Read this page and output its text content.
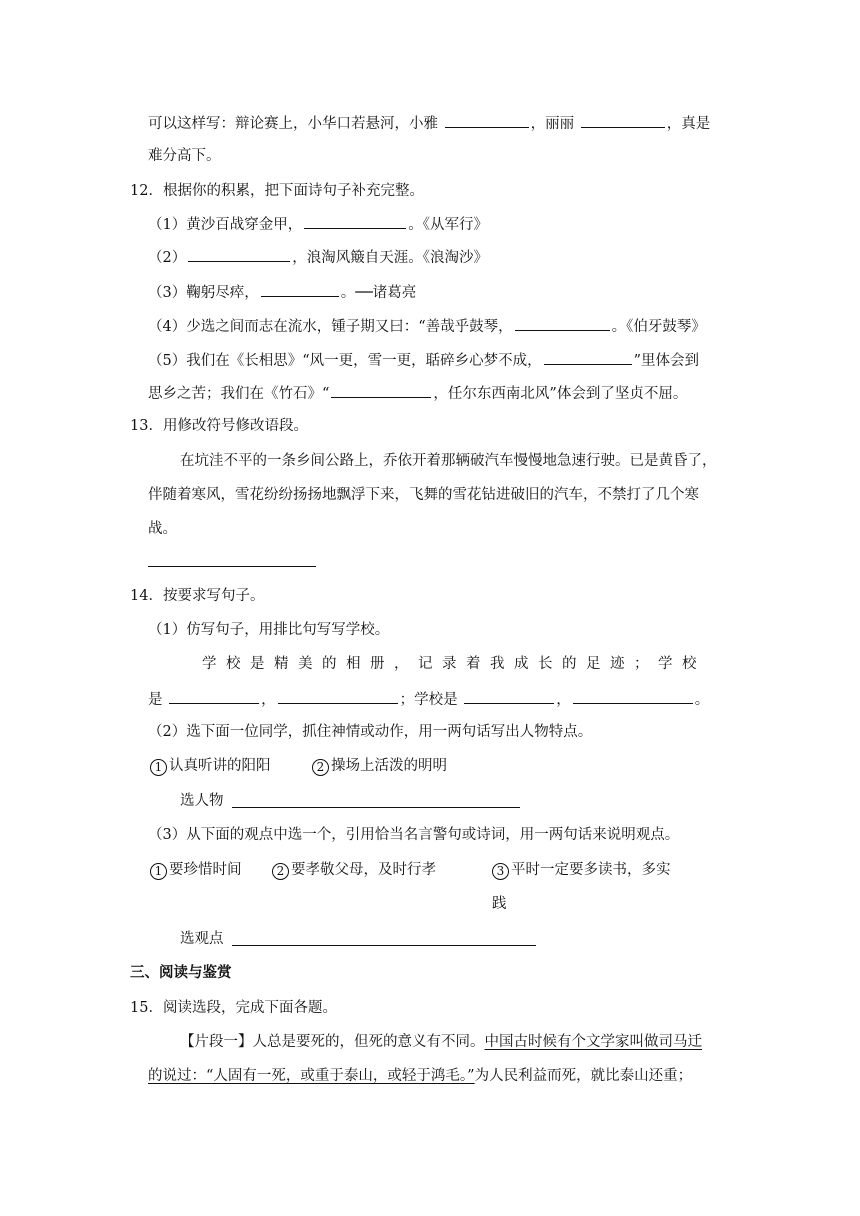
可以这样写：辩论赛上，小华口若悬河，小雅	，丽丽	，真是
难分高下。
12．根据你的积累，把下面诗句子补充完整。
（1）黄沙百战穿金甲，	。《从军行》
（2）	，浪淘风簸自天涯。《浪淘沙》
（3）鞠躬尽瘁，	。──诸葛亮
（4）少选之间而志在流水，锺子期又曰：“善哉乎鼓琴，	。《伯牙鼓琴》
（5）我们在《长相思》“风一更，雪一更，聒碎乡心梦不成，	”里体会到
思乡之苦；我们在《竹石》“	，任尔东西南北风”体会到了坚贞不屈。
13．用修改符号修改语段。
在坑洼不平的一条乡间公路上，乔依开着那辆破汽车慢慢地急速行驶。已是黄昏了，
伴随着寒风，雪花纷纷扬扬地飘浮下来，飞舞的雪花钻进破旧的汽车，不禁打了几个寒
战。
14．按要求写句子。
（1）仿写句子，用排比句写写学校。
学校是精美的相册，记录着我成长的足迹；学校
是	，	；学校是	，	。
（2）选下面一位同学，抓住神情或动作，用一两句话写出人物特点。
1 认真听讲的阳阳	2 操场上活泼的明明
选人物
（3）从下面的观点中选一个，引用恰当名言警句或诗词，用一两句话来说明观点。
1 要珍惜时间	2 要孝敬父母，及时行孝	3 平时一定要多读书，多实
践
选观点
三、阅读与鉴赏
15．阅读选段，完成下面各题。
【片段一】人总是要死的，但死的意义有不同。中国古时候有个文学家叫做司马迁
的说过：“人固有一死，或重于泰山，或轻于鸿毛。”为人民利益而死，就比泰山还重；
